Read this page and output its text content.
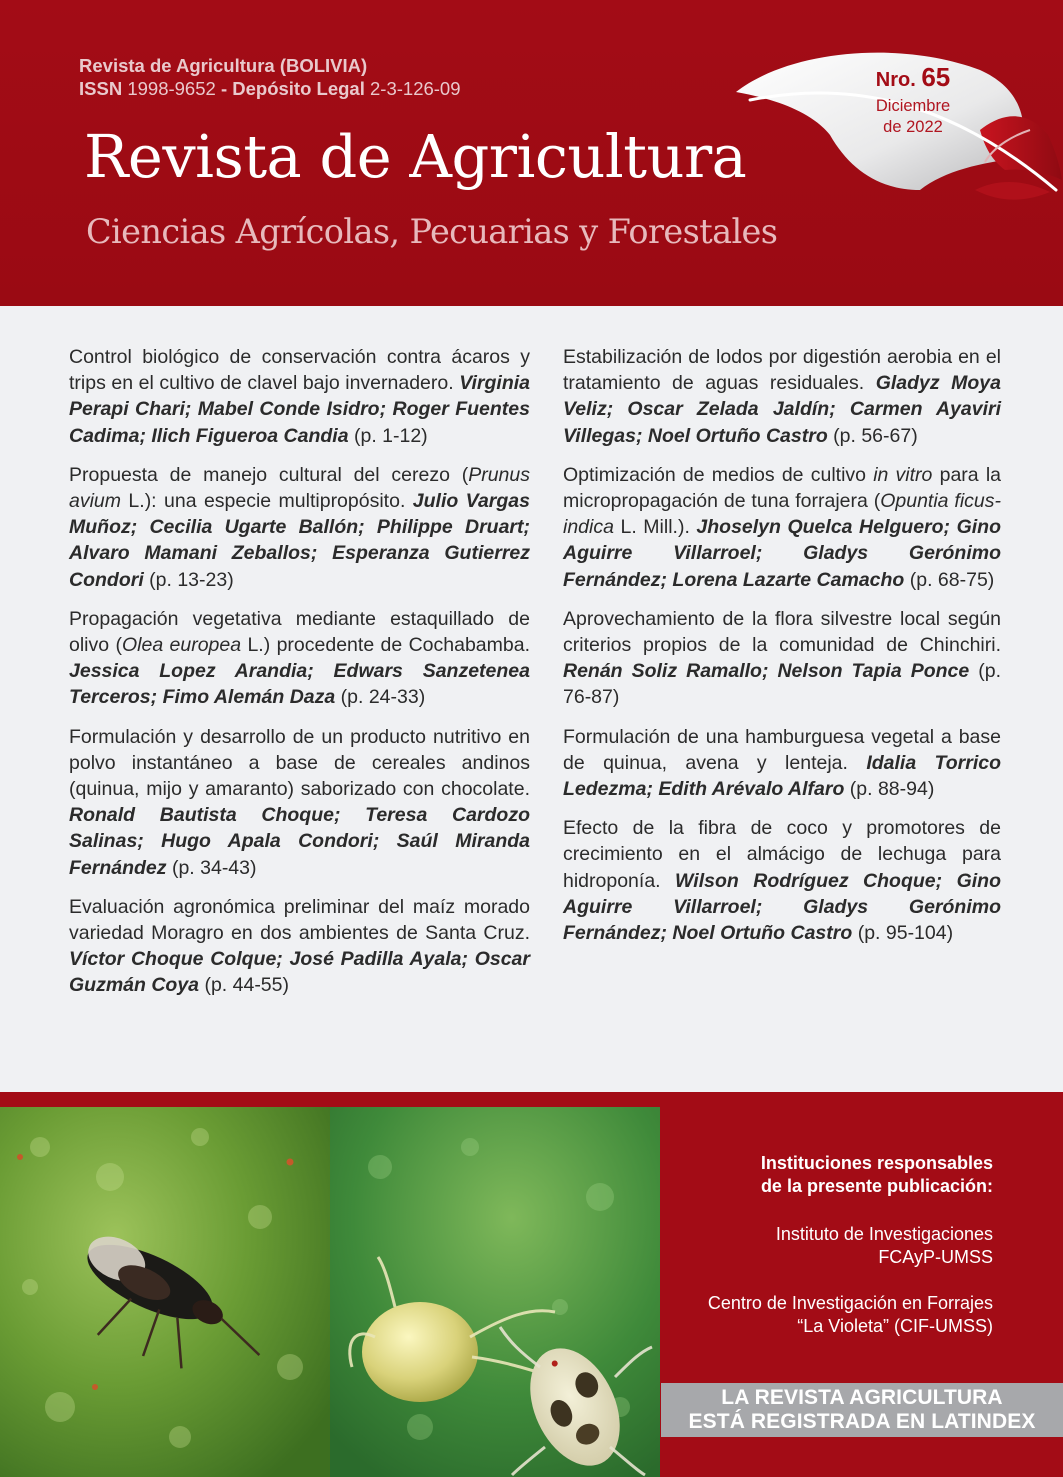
Revista de Agricultura (BOLIVIA)
ISSN 1998-9652 - Depósito Legal 2-3-126-09
Revista de Agricultura
Ciencias Agrícolas, Pecuarias y Forestales
Nro. 65
Diciembre
de 2022

Control biológico de conservación contra ácaros y trips en el cultivo de clavel bajo invernadero. Virginia Perapi Chari; Mabel Conde Isidro; Roger Fuentes Cadima; Ilich Figueroa Candia (p. 1-12)

Propuesta de manejo cultural del cerezo (Prunus avium L.): una especie multipropósito. Julio Vargas Muñoz; Cecilia Ugarte Ballón; Philippe Druart; Alvaro Mamani Zeballos; Esperanza Gutierrez Condori (p. 13-23)

Propagación vegetativa mediante estaquillado de olivo (Olea europea L.) procedente de Cochabamba. Jessica Lopez Arandia; Edwars Sanzetenea Terceros; Fimo Alemán Daza (p. 24-33)

Formulación y desarrollo de un producto nutritivo en polvo instantáneo a base de cereales andinos (quinua, mijo y amaranto) saborizado con chocolate. Ronald Bautista Choque; Teresa Cardozo Salinas; Hugo Apala Condori; Saúl Miranda Fernández (p. 34-43)

Evaluación agronómica preliminar del maíz morado variedad Moragro en dos ambientes de Santa Cruz. Víctor Choque Colque; José Padilla Ayala; Oscar Guzmán Coya (p. 44-55)

Estabilización de lodos por digestión aerobia en el tratamiento de aguas residuales. Gladyz Moya Veliz; Oscar Zelada Jaldín; Carmen Ayaviri Villegas; Noel Ortuño Castro (p. 56-67)

Optimización de medios de cultivo in vitro para la micropropagación de tuna forrajera (Opuntia ficus-indica L. Mill.). Jhoselyn Quelca Helguero; Gino Aguirre Villarroel; Gladys Gerónimo Fernández; Lorena Lazarte Camacho (p. 68-75)

Aprovechamiento de la flora silvestre local según criterios propios de la comunidad de Chinchiri. Renán Soliz Ramallo; Nelson Tapia Ponce (p. 76-87)

Formulación de una hamburguesa vegetal a base de quinua, avena y lenteja. Idalia Torrico Ledezma; Edith Arévalo Alfaro (p. 88-94)

Efecto de la fibra de coco y promotores de crecimiento en el almácigo de lechuga para hidroponía. Wilson Rodríguez Choque; Gino Aguirre Villarroel; Gladys Gerónimo Fernández; Noel Ortuño Castro (p. 95-104)

Instituciones responsables
de la presente publicación:
Instituto de Investigaciones
FCAyP-UMSS
Centro de Investigación en Forrajes
“La Violeta” (CIF-UMSS)
LA REVISTA AGRICULTURA
ESTÁ REGISTRADA EN LATINDEX
